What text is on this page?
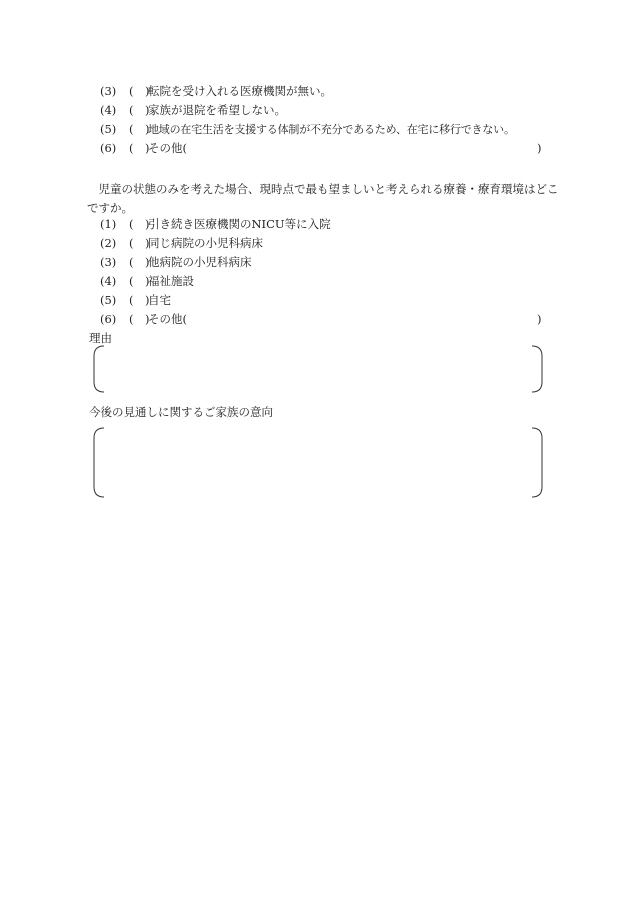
(3) (　)
転院を受け入れる医療機関が無い。
(4) (　)
家族が退院を希望しない。
(5) (　)
地域の在宅生活を支援する体制が不充分であるため、在宅に移行できない。
(6) (　)
その他(	)
　児童の状態のみを考えた場合、現時点で最も望ましいと考えられる療養・療育環境はどこですか。
(1) (　)
引き続き医療機関のNICU等に入院
(2) (　)
同じ病院の小児科病床
(3) (　)
他病院の小児科病床
(4) (　)
福祉施設
(5) (　)
自宅
(6) (　)
その他(	)
理由
今後の見通しに関するご家族の意向
